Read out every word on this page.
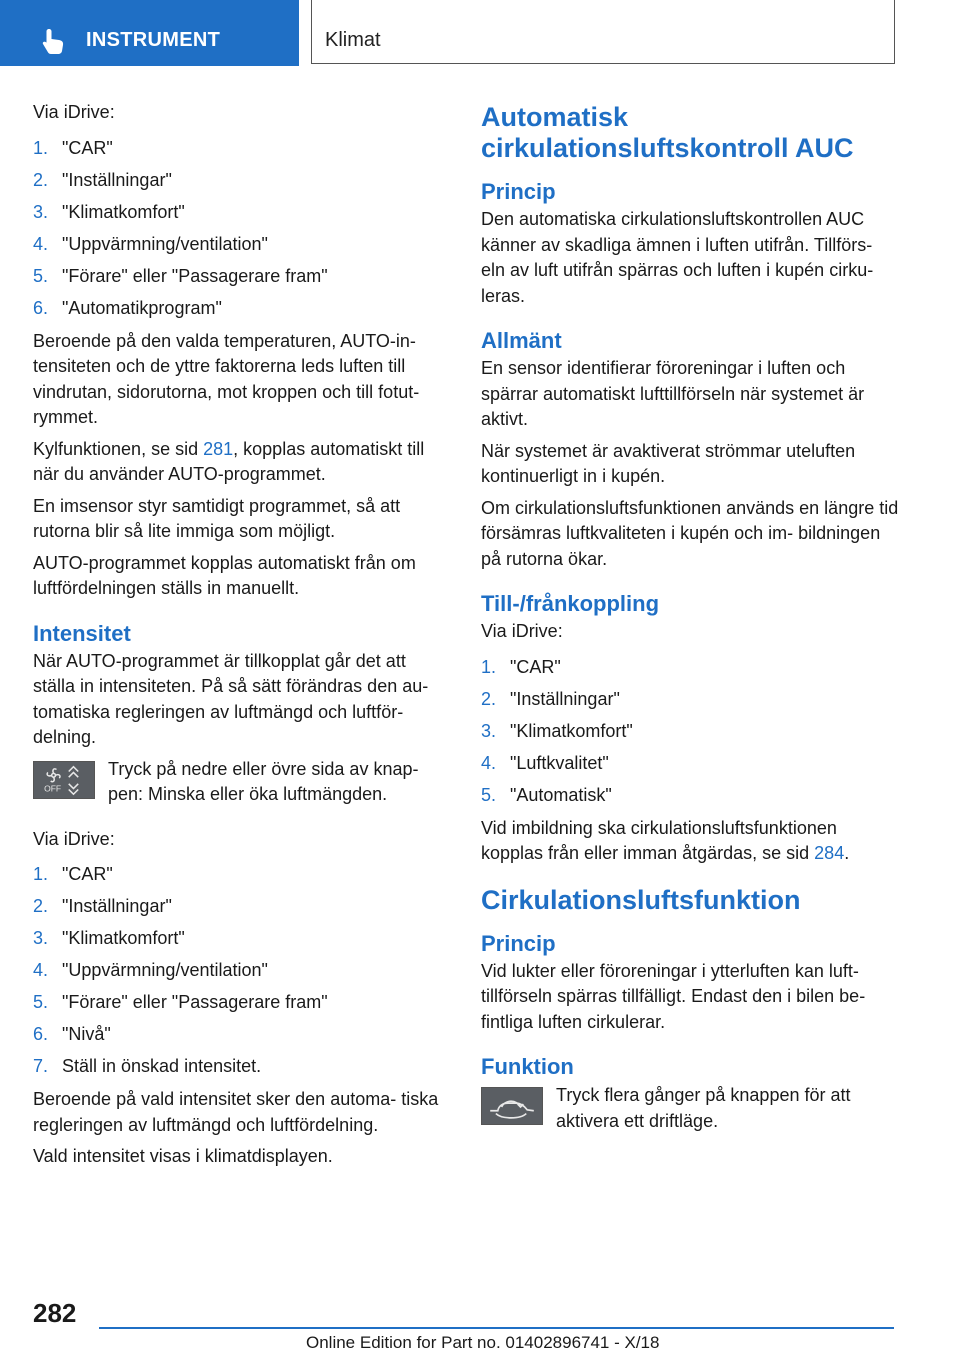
INSTRUMENT	Klimat

Via iDrive:

1. "CAR"
2. "Inställningar"
3. "Klimatkomfort"
4. "Uppvärmning/ventilation"
5. "Förare" eller "Passagerare fram"
6. "Automatikprogram"

Beroende på den valda temperaturen, AUTO-in- tensiteten och de yttre faktorerna leds luften till vindrutan, sidorutorna, mot kroppen och till fotut- rymmet.

Kylfunktionen, se sid 281, kopplas automatiskt till när du använder AUTO-programmet.

En imsensor styr samtidigt programmet, så att rutorna blir så lite immiga som möjligt.

AUTO-programmet kopplas automatiskt från om luftfördelningen ställs in manuellt.

Intensitet

När AUTO-programmet är tillkopplat går det att ställa in intensiteten. På så sätt förändras den au- tomatiska regleringen av luftmängd och luftför- delning.

OFF

Tryck på nedre eller övre sida av knap- pen: Minska eller öka luftmängden.

Via iDrive:

1. "CAR"
2. "Inställningar"
3. "Klimatkomfort"
4. "Uppvärmning/ventilation"
5. "Förare" eller "Passagerare fram"
6. "Nivå"
7. Ställ in önskad intensitet.

Beroende på vald intensitet sker den automa- tiska regleringen av luftmängd och luftfördelning.

Vald intensitet visas i klimatdisplayen.

Automatisk cirkulationsluftskontroll AUC
Princip

Den automatiska cirkulationsluftskontrollen AUC känner av skadliga ämnen i luften utifrån. Tillförs- eln av luft utifrån spärras och luften i kupén cirku- leras.

Allmänt

En sensor identifierar föroreningar i luften och spärrar automatiskt lufttillförseln när systemet är aktivt.

När systemet är avaktiverat strömmar uteluften kontinuerligt in i kupén.

Om cirkulationsluftsfunktionen används en längre tid försämras luftkvaliteten i kupén och im- bildningen på rutorna ökar.

Till-/frånkoppling

Via iDrive:

1. "CAR"
2. "Inställningar"
3. "Klimatkomfort"
4. "Luftkvalitet"
5. "Automatisk"

Vid imbildning ska cirkulationsluftsfunktionen kopplas från eller imman åtgärdas, se sid 284.

Cirkulationsluftsfunktion
Princip

Vid lukter eller föroreningar i ytterluften kan luft- tillförseln spärras tillfälligt. Endast den i bilen be- fintliga luften cirkulerar.

Funktion

Tryck flera gånger på knappen för att aktivera ett driftläge.

282
Online Edition for Part no. 01402896741 - X/18
